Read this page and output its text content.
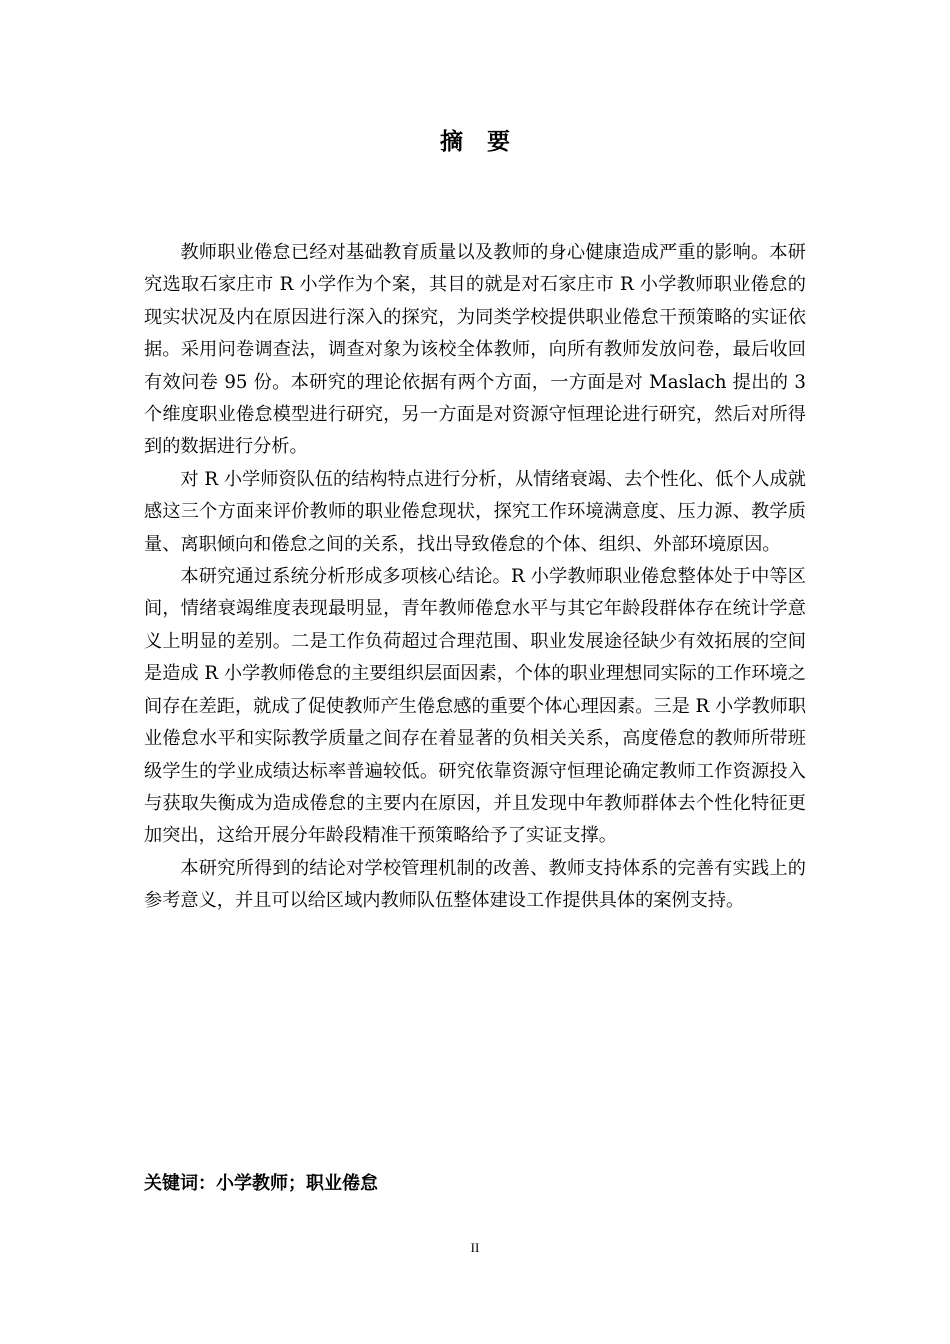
摘要

教师职业倦怠已经对基础教育质量以及教师的身心健康造成严重的影响。本研究选取石家庄市 R 小学作为个案，其目的就是对石家庄市 R 小学教师职业倦怠的现实状况及内在原因进行深入的探究，为同类学校提供职业倦怠干预策略的实证依据。采用问卷调查法，调查对象为该校全体教师，向所有教师发放问卷，最后收回有效问卷 95 份。本研究的理论依据有两个方面，一方面是对 Maslach 提出的 3 个维度职业倦怠模型进行研究，另一方面是对资源守恒理论进行研究，然后对所得到的数据进行分析。

对 R 小学师资队伍的结构特点进行分析，从情绪衰竭、去个性化、低个人成就感这三个方面来评价教师的职业倦怠现状，探究工作环境满意度、压力源、教学质量、离职倾向和倦怠之间的关系，找出导致倦怠的个体、组织、外部环境原因。

本研究通过系统分析形成多项核心结论。R 小学教师职业倦怠整体处于中等区间，情绪衰竭维度表现最明显，青年教师倦怠水平与其它年龄段群体存在统计学意义上明显的差别。二是工作负荷超过合理范围、职业发展途径缺少有效拓展的空间是造成 R 小学教师倦怠的主要组织层面因素，个体的职业理想同实际的工作环境之间存在差距，就成了促使教师产生倦怠感的重要个体心理因素。三是 R 小学教师职业倦怠水平和实际教学质量之间存在着显著的负相关关系，高度倦怠的教师所带班级学生的学业成绩达标率普遍较低。研究依靠资源守恒理论确定教师工作资源投入与获取失衡成为造成倦怠的主要内在原因，并且发现中年教师群体去个性化特征更加突出，这给开展分年龄段精准干预策略给予了实证支撑。

本研究所得到的结论对学校管理机制的改善、教师支持体系的完善有实践上的参考意义，并且可以给区域内教师队伍整体建设工作提供具体的案例支持。

关键词：小学教师；职业倦怠
II
